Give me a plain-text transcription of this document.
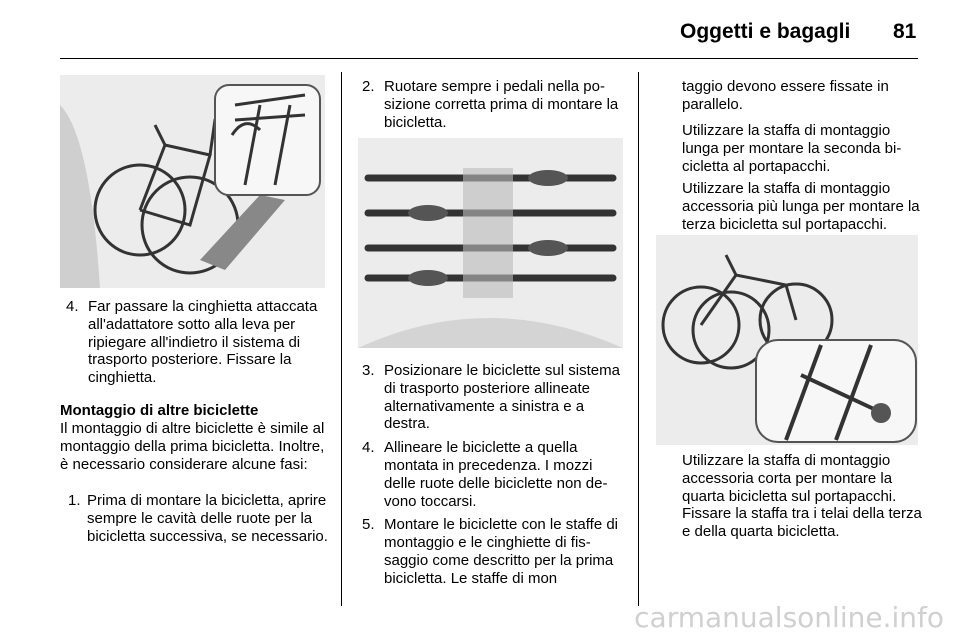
Oggetti e bagagli 81
4. Far passare la cinghietta attaccata all'adattatore sotto alla leva per ripiegare all'indietro il sistema di trasporto posteriore. Fissare la cinghietta.
Montaggio di altre biciclette
Il montaggio di altre biciclette è simile al montaggio della prima bicicletta. Inoltre, è necessario considerare alcune fasi:
1. Prima di montare la bicicletta, aprire sempre le cavità delle ruote per la bicicletta successiva, se necessario.
2. Ruotare sempre i pedali nella posizione corretta prima di montare la bicicletta.
3. Posizionare le biciclette sul sistema di trasporto posteriore allineate alternativamente a sinistra e a destra.
4. Allineare le biciclette a quella montata in precedenza. I mozzi delle ruote delle biciclette non devono toccarsi.
5. Montare le biciclette con le staffe di montaggio e le cinghiette di fissaggio come descritto per la prima bicicletta. Le staffe di mon
taggio devono essere fissate in parallelo.
Utilizzare la staffa di montaggio lunga per montare la seconda bicicletta al portapacchi.
Utilizzare la staffa di montaggio accessoria più lunga per montare la terza bicicletta sul portapacchi.
Utilizzare la staffa di montaggio accessoria corta per montare la quarta bicicletta sul portapacchi. Fissare la staffa tra i telai della terza e della quarta bicicletta.
carmanualsonline.info
